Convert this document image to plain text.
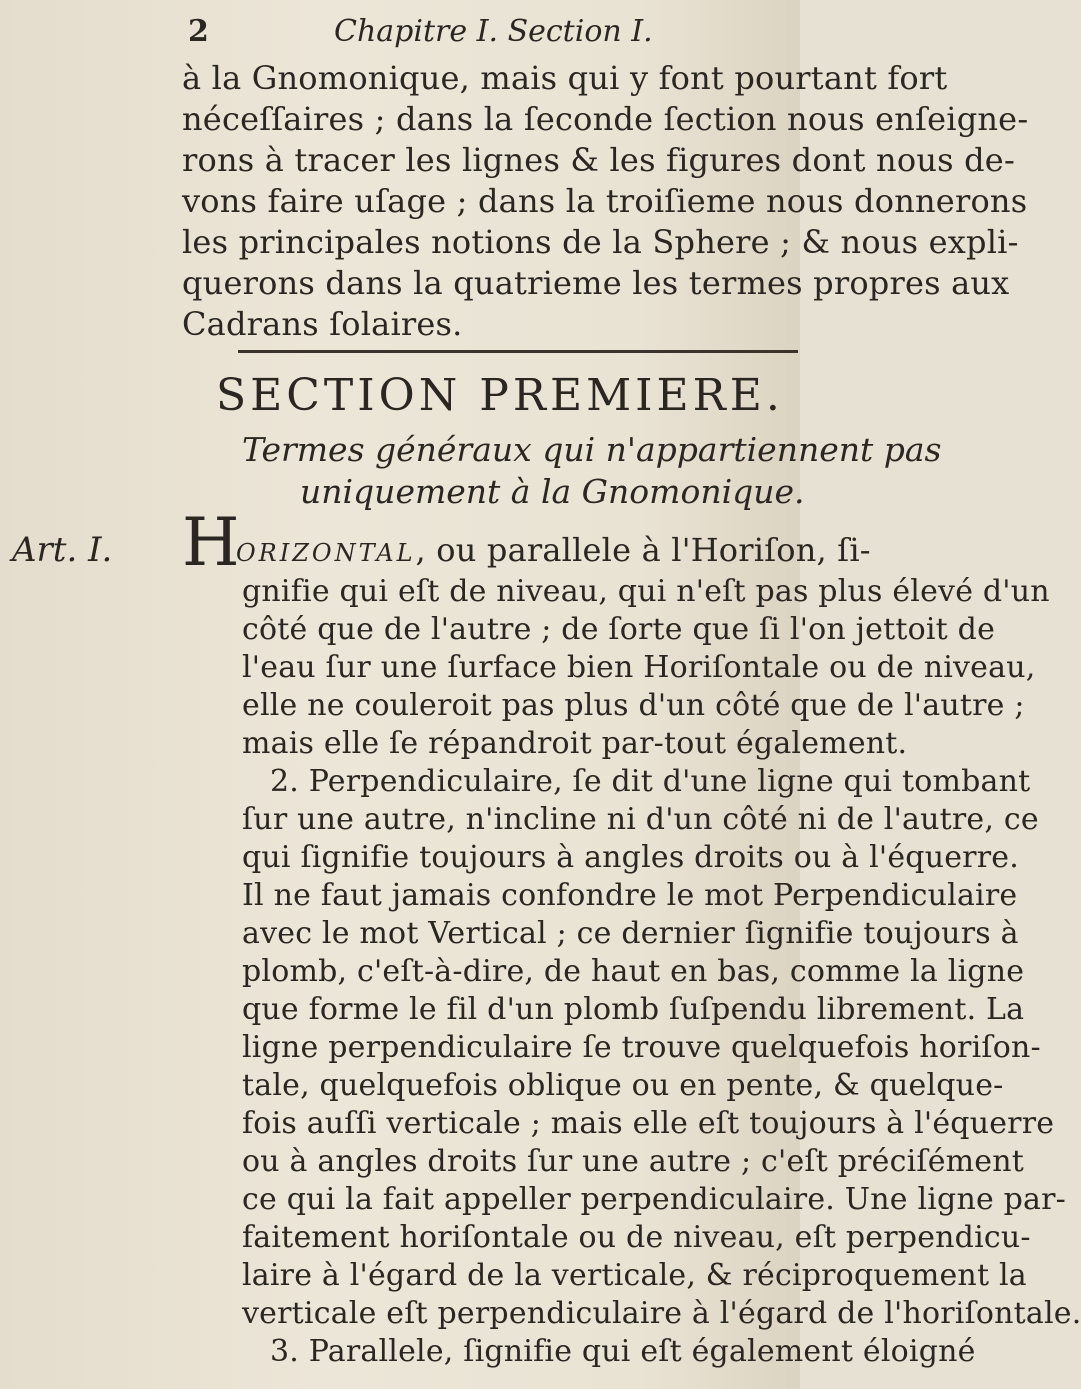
2	Chapitre I. Section I.
à la Gnomonique, mais qui y font pourtant fort
néceſſaires ; dans la ſeconde ſection nous enſeigne-
rons à tracer les lignes & les figures dont nous de-
vons faire uſage ; dans la troiſieme nous donnerons
les principales notions de la Sphere ; & nous expli-
querons dans la quatrieme les termes propres aux
Cadrans ſolaires.
SECTION PREMIERE.
Termes généraux qui n'appartiennent pas
uniquement à la Gnomonique.
Art. I. H
ORIZONTAL, ou parallele à l'Horiſon, ſi-
gnifie qui eſt de niveau, qui n'eſt pas plus élevé d'un
côté que de l'autre ; de ſorte que ſi l'on jettoit de
l'eau ſur une ſurface bien Horiſontale ou de niveau,
elle ne couleroit pas plus d'un côté que de l'autre ;
mais elle ſe répandroit par-tout également.
2. Perpendiculaire, ſe dit d'une ligne qui tombant
ſur une autre, n'incline ni d'un côté ni de l'autre, ce
qui ſignifie toujours à angles droits ou à l'équerre.
Il ne faut jamais confondre le mot Perpendiculaire
avec le mot Vertical ; ce dernier ſignifie toujours à
plomb, c'eſt-à-dire, de haut en bas, comme la ligne
que forme le fil d'un plomb ſuſpendu librement. La
ligne perpendiculaire ſe trouve quelquefois horiſon-
tale, quelquefois oblique ou en pente, & quelque-
fois auſſi verticale ; mais elle eſt toujours à l'équerre
ou à angles droits ſur une autre ; c'eſt préciſément
ce qui la fait appeller perpendiculaire. Une ligne par-
faitement horiſontale ou de niveau, eſt perpendicu-
laire à l'égard de la verticale, & réciproquement la
verticale eſt perpendiculaire à l'égard de l'horiſontale.
3. Parallele, ſignifie qui eſt également éloigné
